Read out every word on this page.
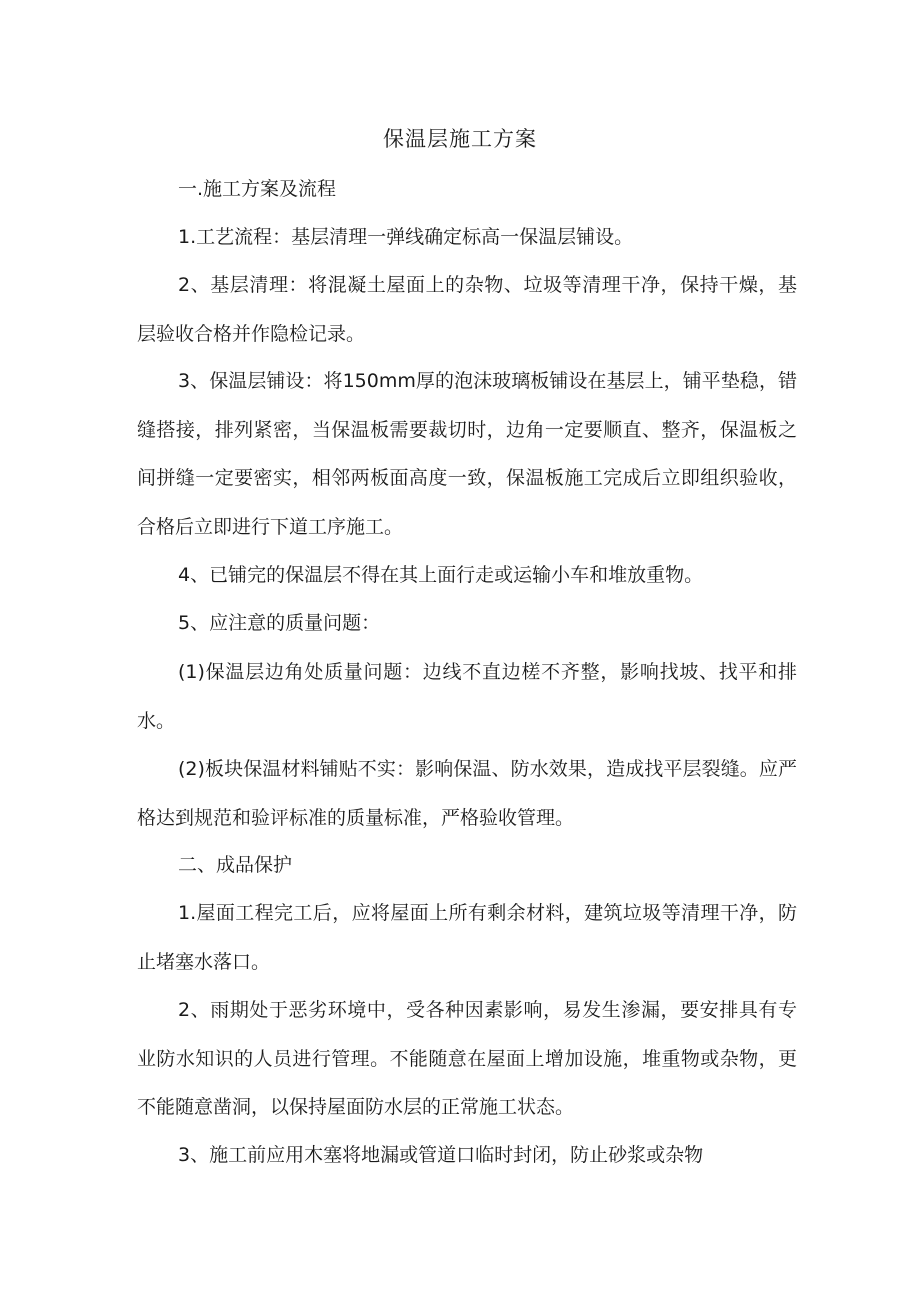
保温层施工方案

一.施工方案及流程

1.工艺流程：基层清理一弹线确定标高一保温层铺设。

2、基层清理：将混凝土屋面上的杂物、垃圾等清理干净，保持干燥，基层验收合格并作隐检记录。

3、保温层铺设：将150mm厚的泡沫玻璃板铺设在基层上，铺平垫稳，错缝搭接，排列紧密，当保温板需要裁切时，边角一定要顺直、整齐，保温板之间拼缝一定要密实，相邻两板面高度一致，保温板施工完成后立即组织验收，合格后立即进行下道工序施工。

4、已铺完的保温层不得在其上面行走或运输小车和堆放重物。

5、应注意的质量问题：

(1)保温层边角处质量问题：边线不直边槎不齐整，影响找坡、找平和排水。

(2)板块保温材料铺贴不实：影响保温、防水效果，造成找平层裂缝。应严格达到规范和验评标准的质量标准，严格验收管理。

二、成品保护

1.屋面工程完工后，应将屋面上所有剩余材料，建筑垃圾等清理干净，防止堵塞水落口。

2、雨期处于恶劣环境中，受各种因素影响，易发生渗漏，要安排具有专业防水知识的人员进行管理。不能随意在屋面上增加设施，堆重物或杂物，更不能随意凿洞，以保持屋面防水层的正常施工状态。

3、施工前应用木塞将地漏或管道口临时封闭，防止砂浆或杂物
